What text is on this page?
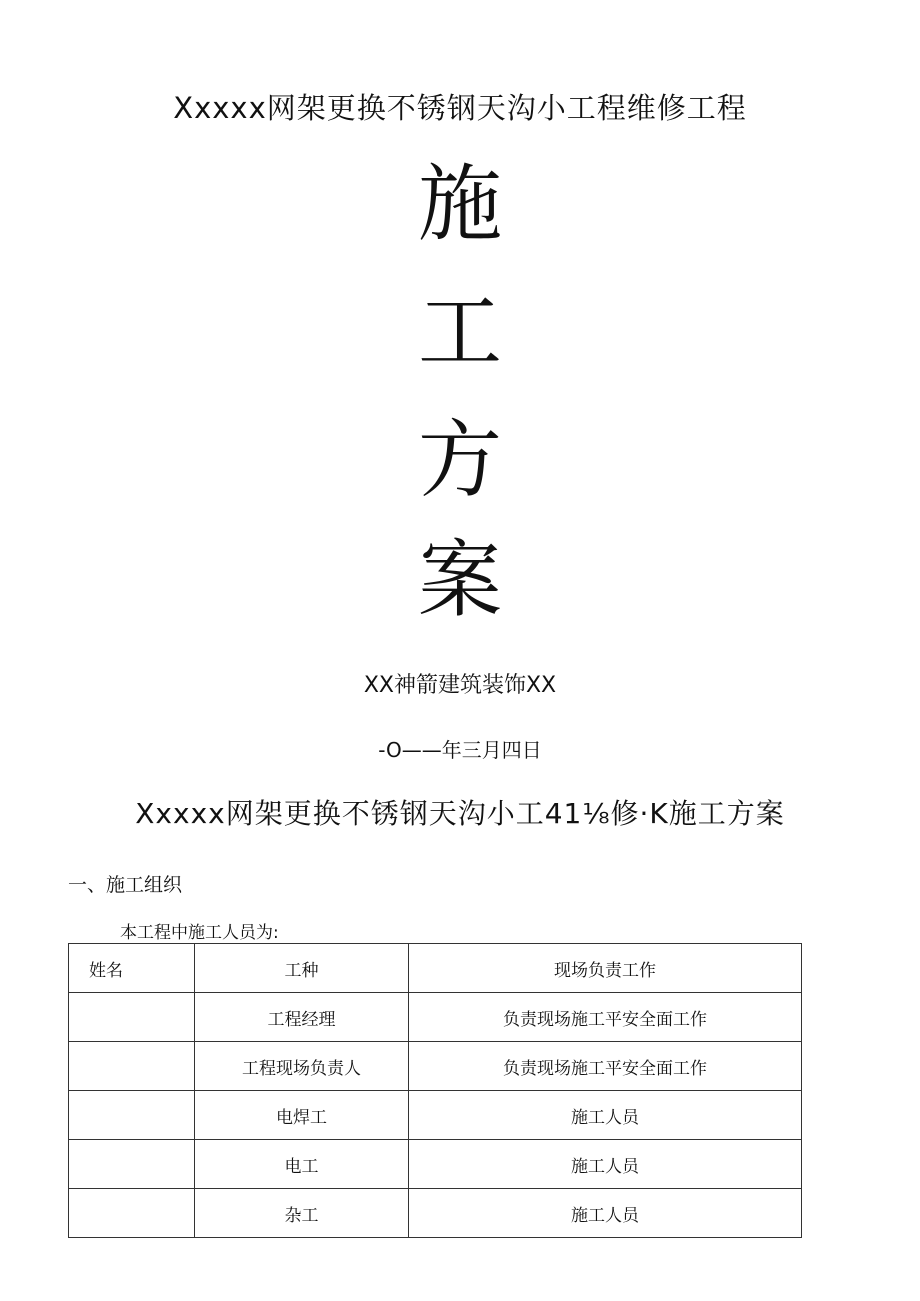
Xxxxx网架更换不锈钢天沟小工程维修工程
施
工
方
案
XX神箭建筑装饰XX
-O——年三月四日
Xxxxx网架更换不锈钢天沟小工41⅛修·K施工方案
一、施工组织
本工程中施工人员为:
姓名	工种	现场负责工作
	工程经理	负责现场施工平安全面工作
	工程现场负责人	负责现场施工平安全面工作
	电焊工	施工人员
	电工	施工人员
	杂工	施工人员
